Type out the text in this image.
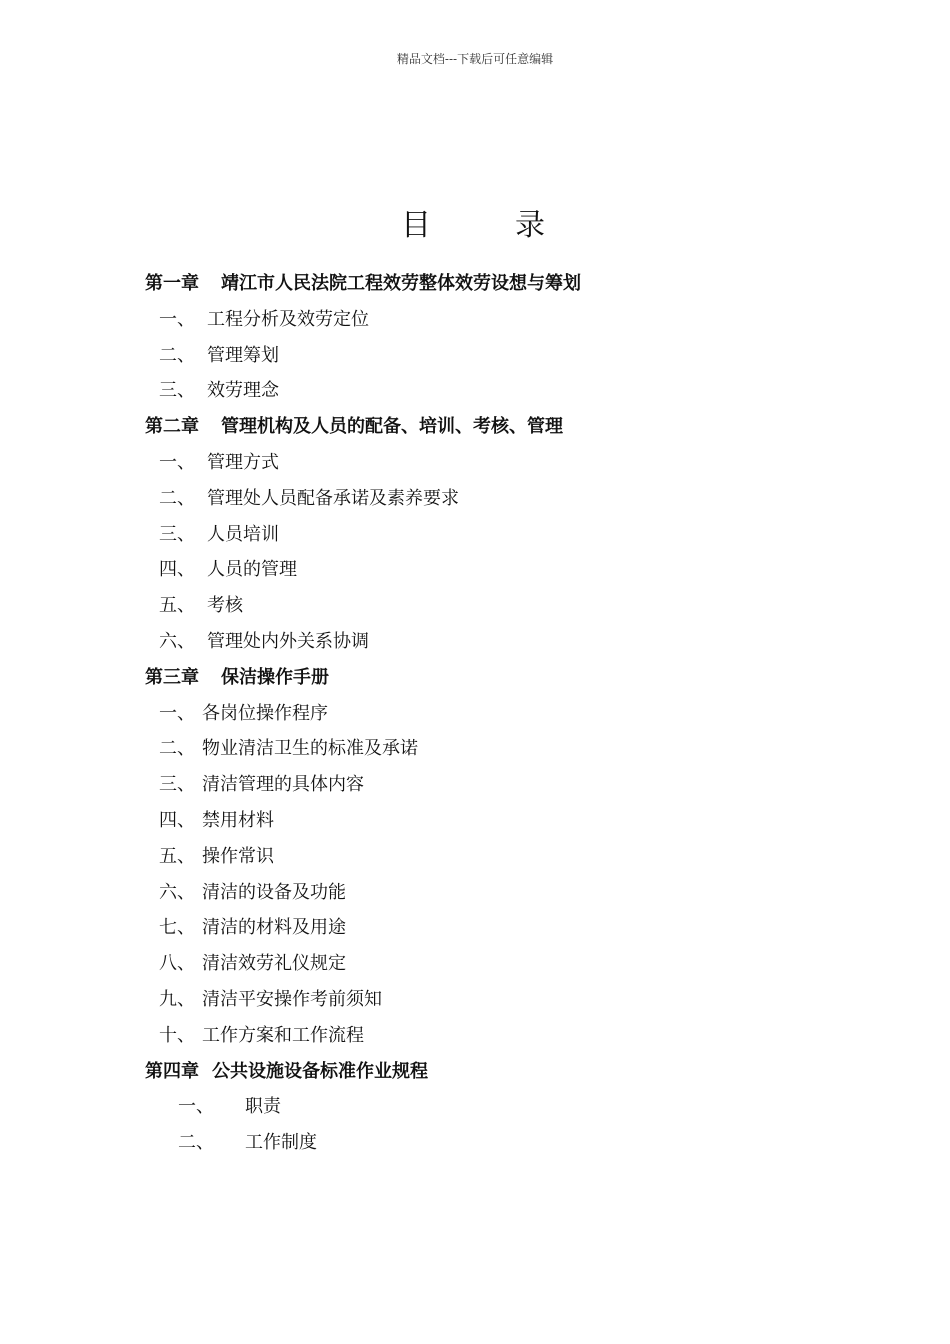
精品文档---下载后可任意编辑
目	录
第一章 靖江市人民法院工程效劳整体效劳设想与筹划
一、 工程分析及效劳定位
二、 管理筹划
三、 效劳理念
第二章 管理机构及人员的配备、培训、考核、管理
一、 管理方式
二、 管理处人员配备承诺及素养要求
三、 人员培训
四、 人员的管理
五、 考核
六、 管理处内外关系协调
第三章 保洁操作手册
一、 各岗位操作程序
二、 物业清洁卫生的标准及承诺
三、 清洁管理的具体内容
四、 禁用材料
五、 操作常识
六、 清洁的设备及功能
七、 清洁的材料及用途
八、 清洁效劳礼仪规定
九、 清洁平安操作考前须知
十、 工作方案和工作流程
第四章 公共设施设备标准作业规程
一、 职责
二、 工作制度
